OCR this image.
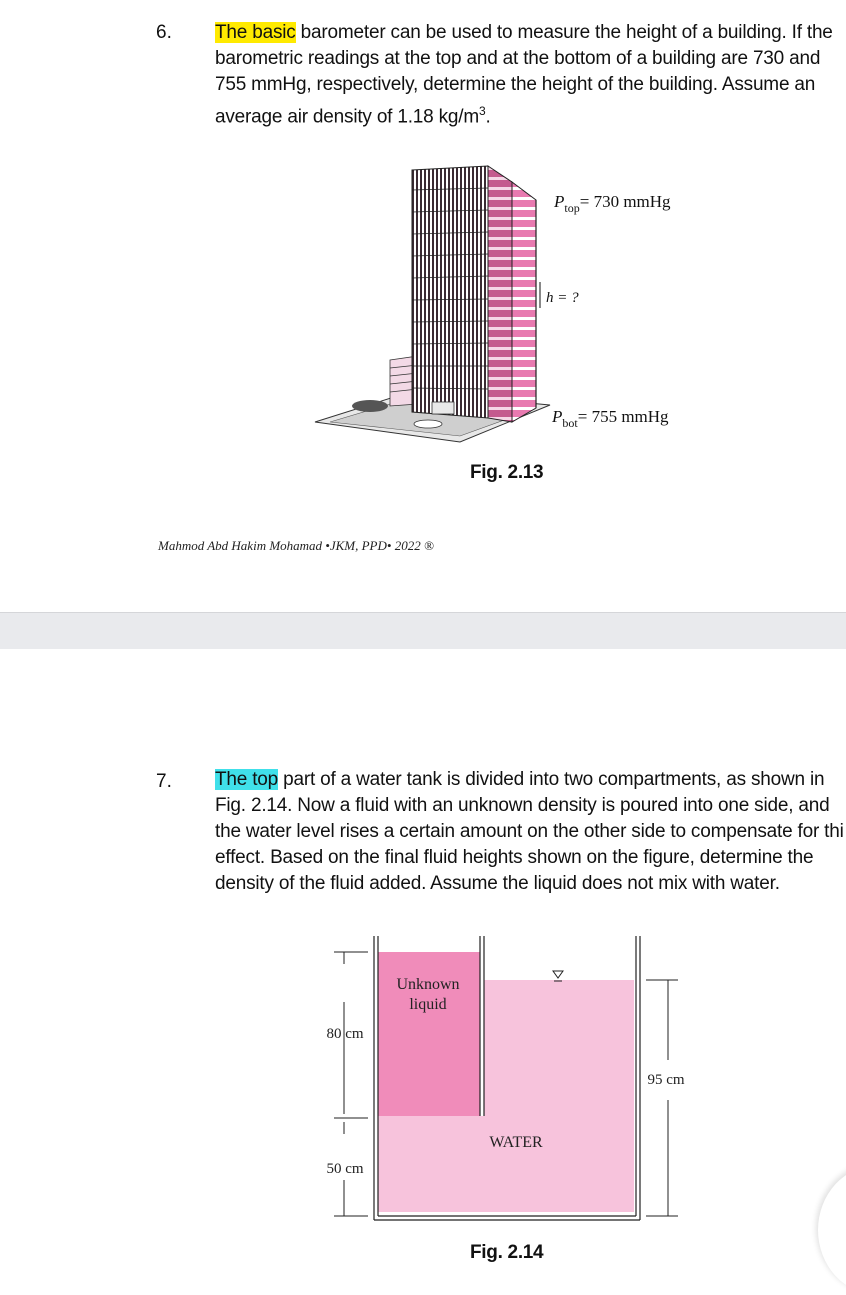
6. The basic barometer can be used to measure the height of a building. If the
barometric readings at the top and at the bottom of a building are 730 and
755 mmHg, respectively, determine the height of the building. Assume an
average air density of 1.18 $kg/m^3$.
$P_{top}= 730$ mmHg
h = ?
$P_{bot}= 755$ mmHg
Fig. 2.13
Mahmod Abd Hakim Mohamad •JKM, PPD• 2022 ®
7. The top part of a water tank is divided into two compartments, as shown in
Fig. 2.14. Now a fluid with an unknown density is poured into one side, and
the water level rises a certain amount on the other side to compensate for thi
effect. Based on the final fluid heights shown on the figure, determine the
density of the fluid added. Assume the liquid does not mix with water.
Unknown
liquid
WATER
80 cm
50 cm
95 cm
Fig. 2.14
